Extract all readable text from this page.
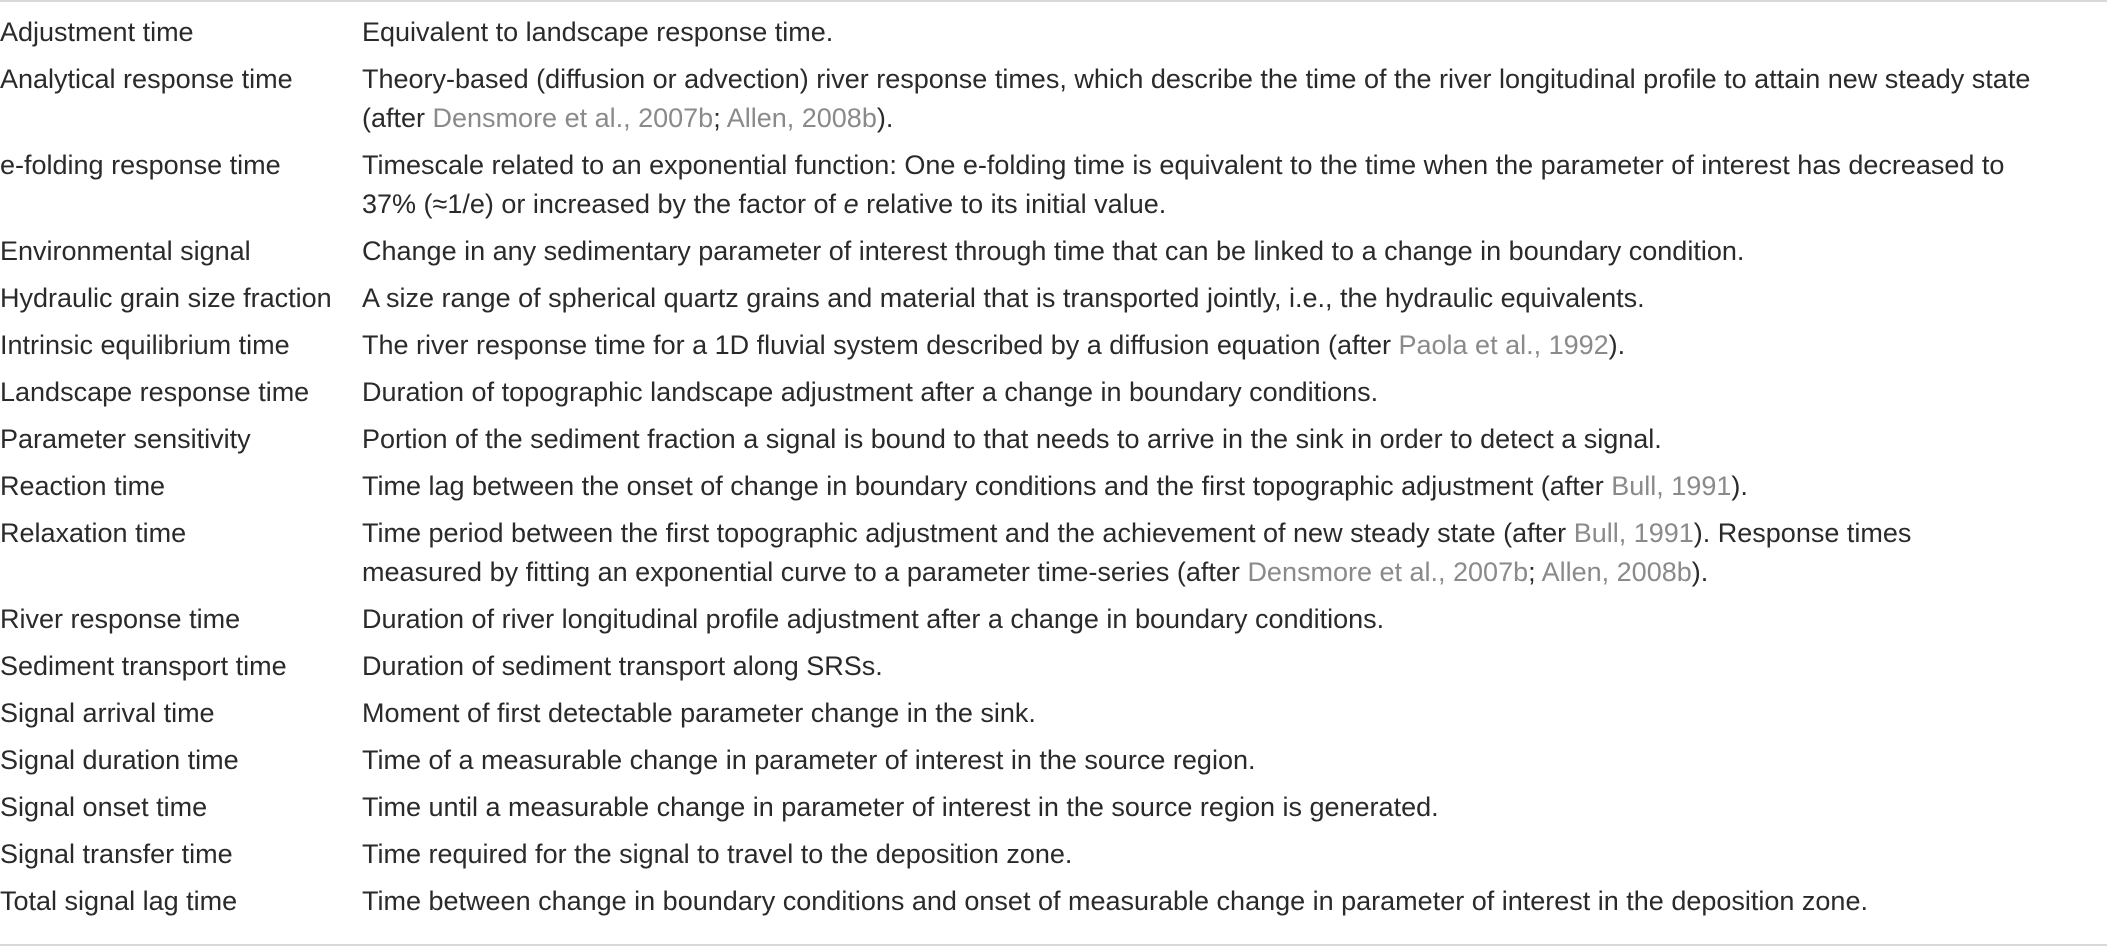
Adjustment time	Equivalent to landscape response time.
Analytical response time	Theory-based (diffusion or advection) river response times, which describe the time of the river longitudinal profile to attain new steady state
(after Densmore et al., 2007b; Allen, 2008b).
e-folding response time	Timescale related to an exponential function: One e-folding time is equivalent to the time when the parameter of interest has decreased to
37% (≈1/e) or increased by the factor of e relative to its initial value.
Environmental signal	Change in any sedimentary parameter of interest through time that can be linked to a change in boundary condition.
Hydraulic grain size fraction	A size range of spherical quartz grains and material that is transported jointly, i.e., the hydraulic equivalents.
Intrinsic equilibrium time	The river response time for a 1D fluvial system described by a diffusion equation (after Paola et al., 1992).
Landscape response time	Duration of topographic landscape adjustment after a change in boundary conditions.
Parameter sensitivity	Portion of the sediment fraction a signal is bound to that needs to arrive in the sink in order to detect a signal.
Reaction time	Time lag between the onset of change in boundary conditions and the first topographic adjustment (after Bull, 1991).
Relaxation time	Time period between the first topographic adjustment and the achievement of new steady state (after Bull, 1991). Response times
measured by fitting an exponential curve to a parameter time-series (after Densmore et al., 2007b; Allen, 2008b).
River response time	Duration of river longitudinal profile adjustment after a change in boundary conditions.
Sediment transport time	Duration of sediment transport along SRSs.
Signal arrival time	Moment of first detectable parameter change in the sink.
Signal duration time	Time of a measurable change in parameter of interest in the source region.
Signal onset time	Time until a measurable change in parameter of interest in the source region is generated.
Signal transfer time	Time required for the signal to travel to the deposition zone.
Total signal lag time	Time between change in boundary conditions and onset of measurable change in parameter of interest in the deposition zone.
